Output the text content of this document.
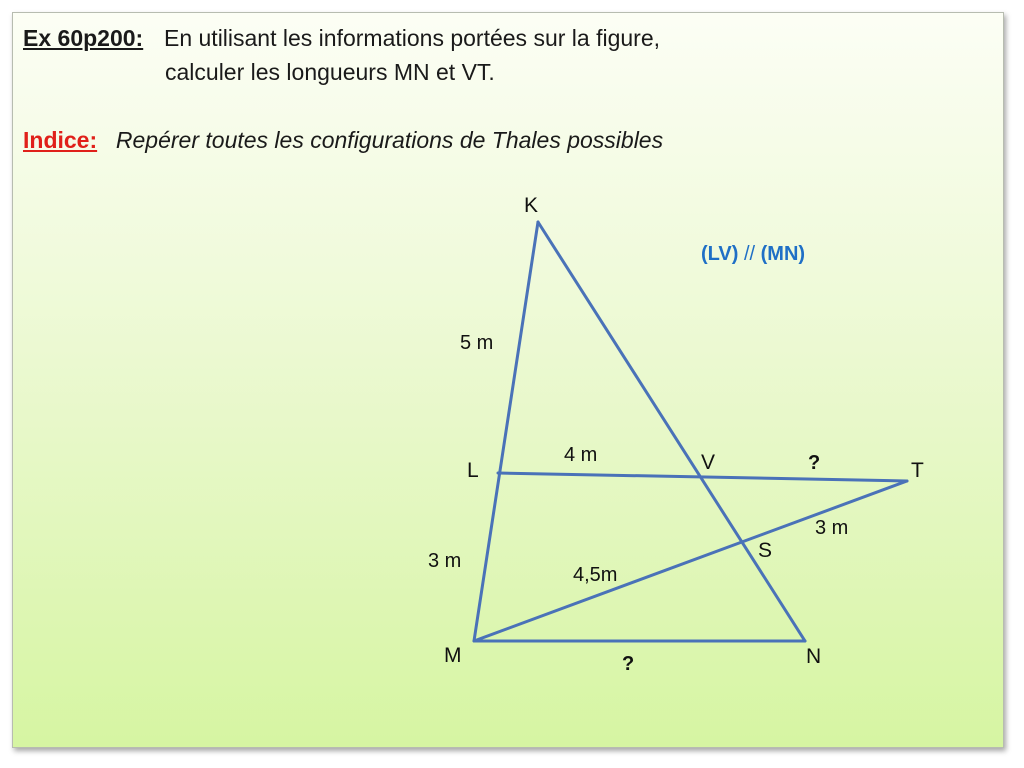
Ex 60p200: En utilisant les informations portées sur la figure,
calculer les longueurs MN et VT.
Indice: Repérer toutes les configurations de Thales possibles
K
L	V	T
S
M	N
5 m
4 m
3 m
3 m
4,5m
?
?
(LV) // (MN)
